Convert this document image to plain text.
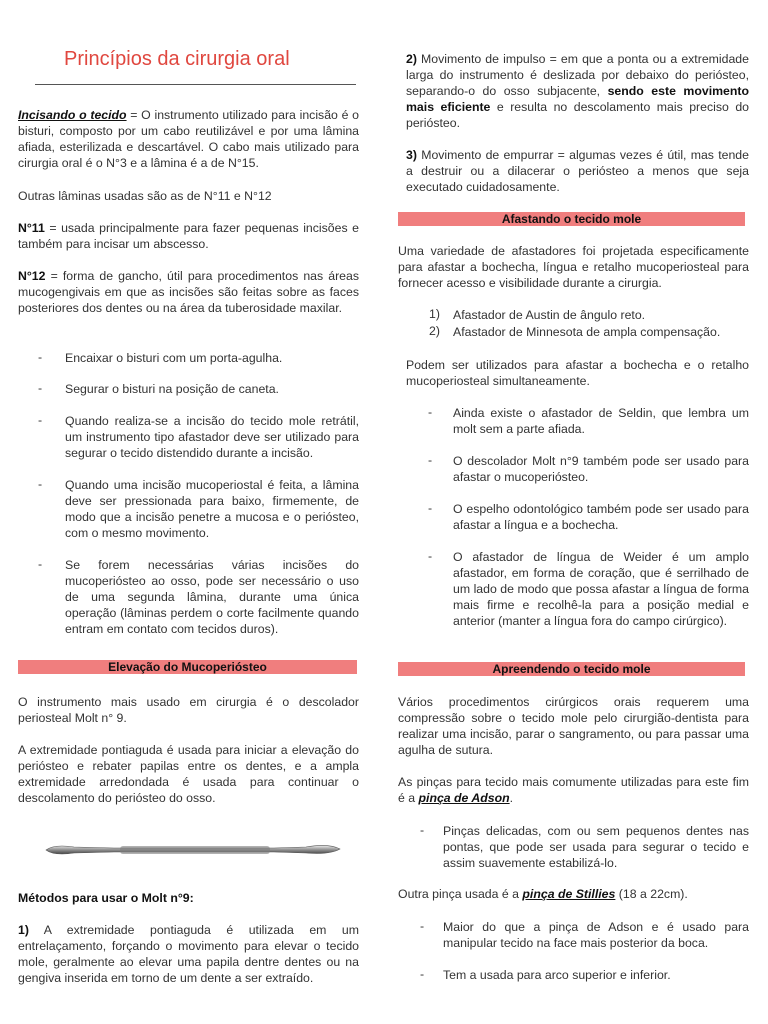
Princípios da cirurgia oral

Incisando o tecido = O instrumento utilizado para incisão é o bisturi, composto por um cabo reutilizável e por uma lâmina afiada, esterilizada e descartável. O cabo mais utilizado para cirurgia oral é o N°3 e a lâmina é a de N°15.

Outras lâminas usadas são as de N°11 e N°12

N°11 = usada principalmente para fazer pequenas incisões e também para incisar um abscesso.

N°12 = forma de gancho, útil para procedimentos nas áreas mucogengivais em que as incisões são feitas sobre as faces posteriores dos dentes ou na área da tuberosidade maxilar.

- Encaixar o bisturi com um porta-agulha.

- Segurar o bisturi na posição de caneta.

- Quando realiza-se a incisão do tecido mole retrátil, um instrumento tipo afastador deve ser utilizado para segurar o tecido distendido durante a incisão.

- Quando uma incisão mucoperiostal é feita, a lâmina deve ser pressionada para baixo, firmemente, de modo que a incisão penetre a mucosa e o periósteo, com o mesmo movimento.

- Se forem necessárias várias incisões do mucoperiósteo ao osso, pode ser necessário o uso de uma segunda lâmina, durante uma única operação (lâminas perdem o corte facilmente quando entram em contato com tecidos duros).

Elevação do Mucoperiósteo

O instrumento mais usado em cirurgia é o descolador periosteal Molt n° 9.

A extremidade pontiaguda é usada para iniciar a elevação do periósteo e rebater papilas entre os dentes, e a ampla extremidade arredondada é usada para continuar o descolamento do periósteo do osso.

Métodos para usar o Molt n°9:

1) A extremidade pontiaguda é utilizada em um entrelaçamento, forçando o movimento para elevar o tecido mole, geralmente ao elevar uma papila dentre dentes ou na gengiva inserida em torno de um dente a ser extraído.

2) Movimento de impulso = em que a ponta ou a extremidade larga do instrumento é deslizada por debaixo do periósteo, separando-o do osso subjacente, sendo este movimento mais eficiente e resulta no descolamento mais preciso do periósteo.

3) Movimento de empurrar = algumas vezes é útil, mas tende a destruir ou a dilacerar o periósteo a menos que seja executado cuidadosamente.

Afastando o tecido mole

Uma variedade de afastadores foi projetada especificamente para afastar a bochecha, língua e retalho mucoperiosteal para fornecer acesso e visibilidade durante a cirurgia.

1) Afastador de Austin de ângulo reto.

2) Afastador de Minnesota de ampla compensação.

Podem ser utilizados para afastar a bochecha e o retalho mucoperiosteal simultaneamente.

- Ainda existe o afastador de Seldin, que lembra um molt sem a parte afiada.

- O descolador Molt n°9 também pode ser usado para afastar o mucoperiósteo.

- O espelho odontológico também pode ser usado para afastar a língua e a bochecha.

- O afastador de língua de Weider é um amplo afastador, em forma de coração, que é serrilhado de um lado de modo que possa afastar a língua de forma mais firme e recolhê-la para a posição medial e anterior (manter a língua fora do campo cirúrgico).

Apreendendo o tecido mole

Vários procedimentos cirúrgicos orais requerem uma compressão sobre o tecido mole pelo cirurgião-dentista para realizar uma incisão, parar o sangramento, ou para passar uma agulha de sutura.

As pinças para tecido mais comumente utilizadas para este fim é a pinça de Adson.

- Pinças delicadas, com ou sem pequenos dentes nas pontas, que pode ser usada para segurar o tecido e assim suavemente estabilizá-lo.

Outra pinça usada é a pinça de Stillies (18 a 22cm).

- Maior do que a pinça de Adson e é usado para manipular tecido na face mais posterior da boca.

- Tem a usada para arco superior e inferior.
